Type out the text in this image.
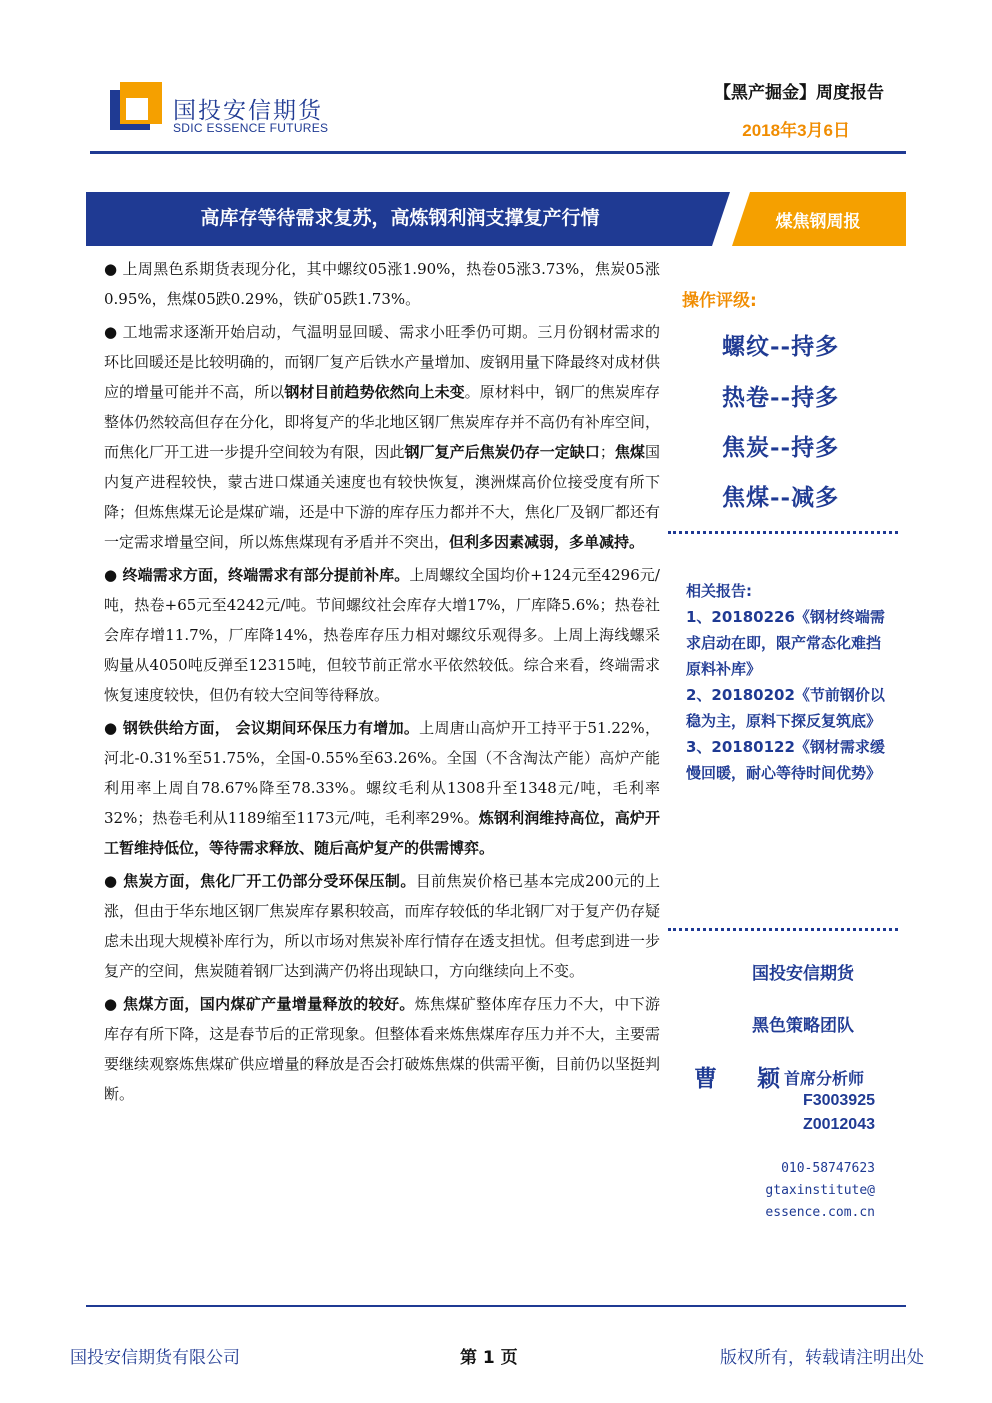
国投安信期货
SDIC ESSENCE FUTURES
【黑产掘金】周度报告
2018年3月6日
高库存等待需求复苏，高炼钢利润支撑复产行情	煤焦钢周报

● 上周黑色系期货表现分化，其中螺纹05涨1.90%，热卷05涨3.73%，焦炭05涨0.95%，焦煤05跌0.29%，铁矿05跌1.73%。

● 工地需求逐渐开始启动，气温明显回暖、需求小旺季仍可期。三月份钢材需求的环比回暖还是比较明确的，而钢厂复产后铁水产量增加、废钢用量下降最终对成材供应的增量可能并不高，所以钢材目前趋势依然向上未变。原材料中，钢厂的焦炭库存整体仍然较高但存在分化，即将复产的华北地区钢厂焦炭库存并不高仍有补库空间，而焦化厂开工进一步提升空间较为有限，因此钢厂复产后焦炭仍存一定缺口；焦煤国内复产进程较快，蒙古进口煤通关速度也有较快恢复，澳洲煤高价位接受度有所下降；但炼焦煤无论是煤矿端，还是中下游的库存压力都并不大，焦化厂及钢厂都还有一定需求增量空间，所以炼焦煤现有矛盾并不突出，但利多因素减弱，多单减持。

● 终端需求方面，终端需求有部分提前补库。上周螺纹全国均价+124元至4296元/吨，热卷+65元至4242元/吨。节间螺纹社会库存大增17%，厂库降5.6%；热卷社会库存增11.7%，厂库降14%，热卷库存压力相对螺纹乐观得多。上周上海线螺采购量从4050吨反弹至12315吨，但较节前正常水平依然较低。综合来看，终端需求恢复速度较快，但仍有较大空间等待释放。

● 钢铁供给方面， 会议期间环保压力有增加。上周唐山高炉开工持平于51.22%，河北-0.31%至51.75%，全国-0.55%至63.26%。全国（不含淘汰产能）高炉产能利用率上周自78.67%降至78.33%。螺纹毛利从1308升至1348元/吨，毛利率32%；热卷毛利从1189缩至1173元/吨，毛利率29%。炼钢利润维持高位，高炉开工暂维持低位，等待需求释放、随后高炉复产的供需博弈。

● 焦炭方面，焦化厂开工仍部分受环保压制。目前焦炭价格已基本完成200元的上涨，但由于华东地区钢厂焦炭库存累积较高，而库存较低的华北钢厂对于复产仍存疑虑未出现大规模补库行为，所以市场对焦炭补库行情存在透支担忧。但考虑到进一步复产的空间，焦炭随着钢厂达到满产仍将出现缺口，方向继续向上不变。

● 焦煤方面，国内煤矿产量增量释放的较好。炼焦煤矿整体库存压力不大，中下游库存有所下降，这是春节后的正常现象。但整体看来炼焦煤库存压力并不大，主要需要继续观察炼焦煤矿供应增量的释放是否会打破炼焦煤的供需平衡，目前仍以坚挺判断。

操作评级:
螺纹--持多
热卷--持多
焦炭--持多
焦煤--减多
相关报告:
1、20180226《钢材终端需求启动在即，限产常态化难挡原料补库》
2、20180202《节前钢价以稳为主，原料下探反复筑底》
3、20180122《钢材需求缓慢回暖，耐心等待时间优势》
国投安信期货
黑色策略团队
曹 颖
首席分析师
F3003925
Z0012043
010-58747623
gtaxinstitute@
essence.com.cn
国投安信期货有限公司	第 1 页	版权所有，转载请注明出处
